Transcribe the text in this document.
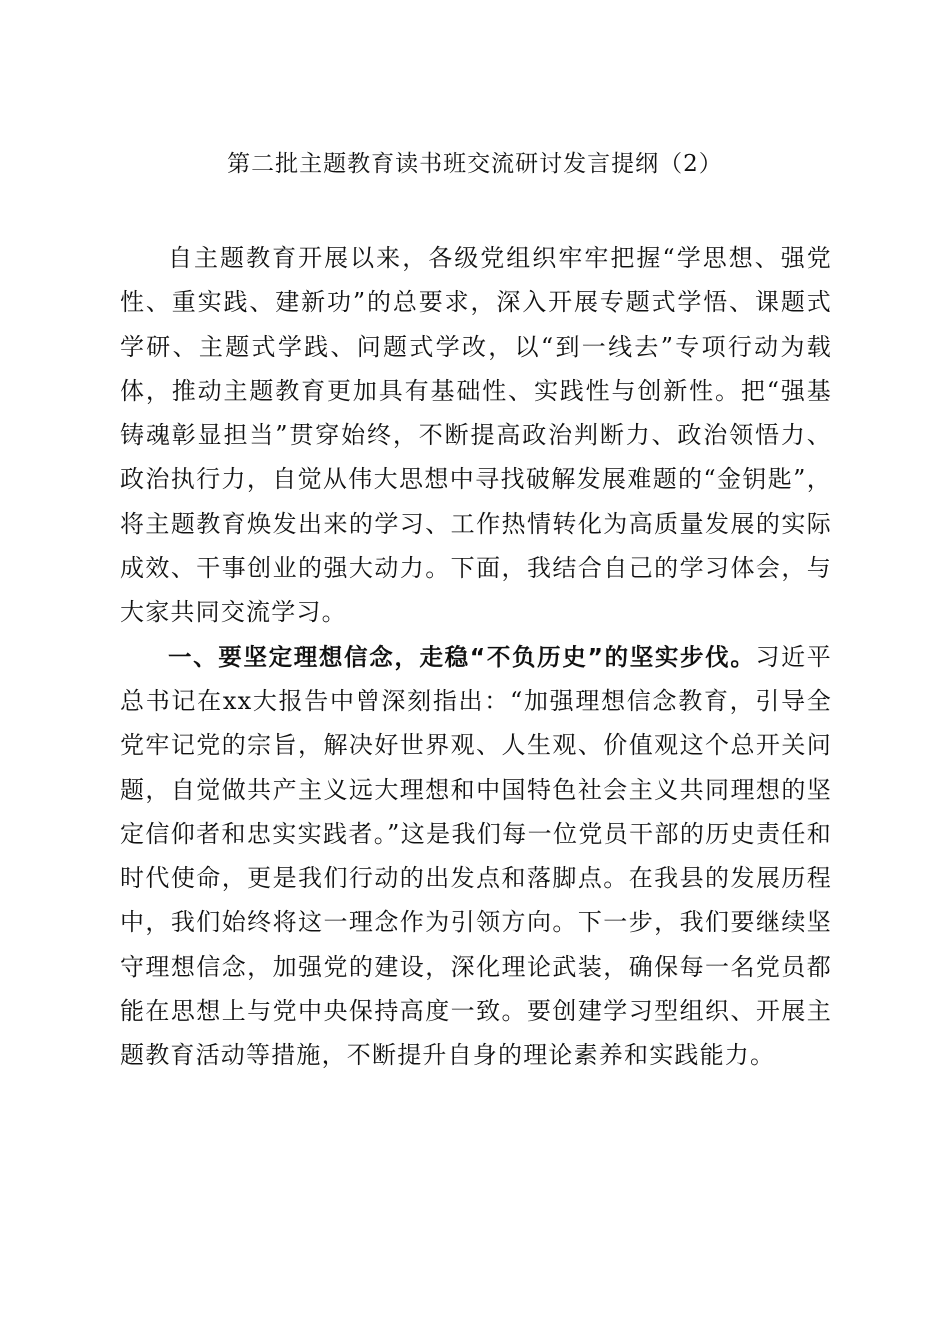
第二批主题教育读书班交流研讨发言提纲（2）

自主题教育开展以来，各级党组织牢牢把握“学思想、强党性、重实践、建新功”的总要求，深入开展专题式学悟、课题式学研、主题式学践、问题式学改，以“到一线去”专项行动为载体，推动主题教育更加具有基础性、实践性与创新性。把“强基铸魂彰显担当”贯穿始终，不断提高政治判断力、政治领悟力、政治执行力，自觉从伟大思想中寻找破解发展难题的“金钥匙”，将主题教育焕发出来的学习、工作热情转化为高质量发展的实际成效、干事创业的强大动力。下面，我结合自己的学习体会，与大家共同交流学习。

一、要坚定理想信念，走稳“不负历史”的坚实步伐。习近平总书记在xx大报告中曾深刻指出：“加强理想信念教育，引导全党牢记党的宗旨，解决好世界观、人生观、价值观这个总开关问题，自觉做共产主义远大理想和中国特色社会主义共同理想的坚定信仰者和忠实实践者。”这是我们每一位党员干部的历史责任和时代使命，更是我们行动的出发点和落脚点。在我县的发展历程中，我们始终将这一理念作为引领方向。下一步，我们要继续坚守理想信念，加强党的建设，深化理论武装，确保每一名党员都能在思想上与党中央保持高度一致。要创建学习型组织、开展主题教育活动等措施，不断提升自身的理论素养和实践能力。
